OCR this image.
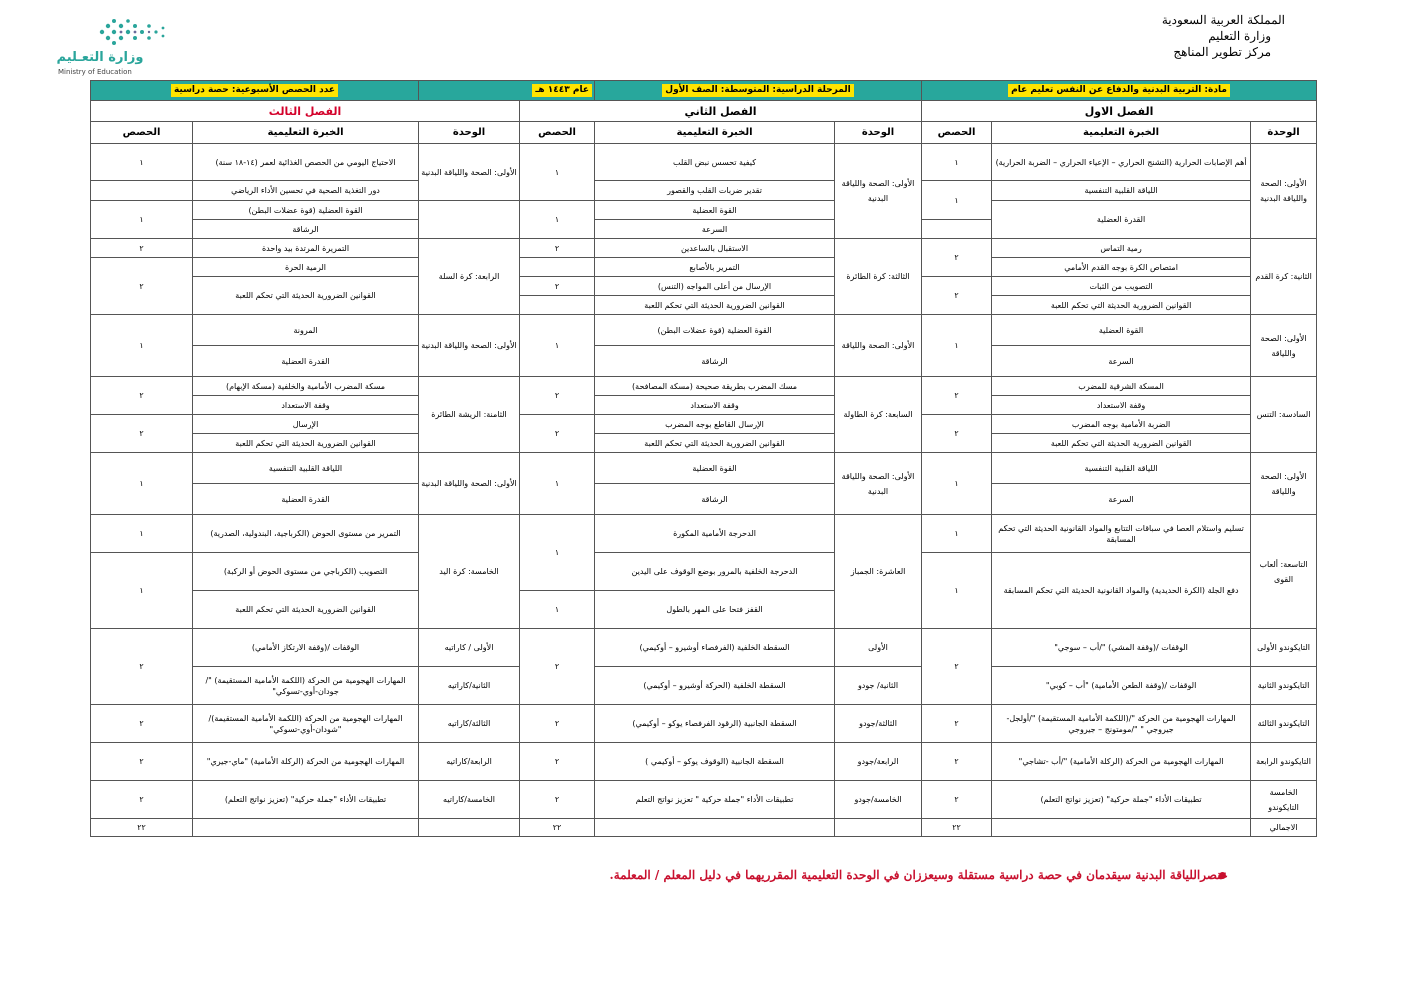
المملكة العربية السعودية
وزارة التعليم
مركز تطوير المناهج
وزارة التعـليم
Ministry of Education
مادة: التربية البدنية والدفاع عن النفس تعليم عام			المرحلة الدراسية: المتوسطة: الصف الأول		عام ١٤٤٣ هـ		عدد الحصص الأسبوعية: حصة دراسية	
الفصل الاول			الفصل الثاني			الفصل الثالث		
الوحدة	الخبرة التعليمية	الحصص	الوحدة	الخبرة التعليمية	الحصص	الوحدة	الخبرة التعليمية	الحصص
الأولى: الصحة واللياقة البدنية	أهم الإصابات الحرارية (التشنج الحراري – الإعياء الحراري – الضربة الحرارية)	١	الأولى: الصحة واللياقة البدنية	كيفية تحسس نبض القلب	١	الأولى: الصحة واللياقة البدنية	الاحتياج اليومي من الحصص الغذائية لعمر (١٤-١٨ سنة)	١
	اللياقة القلبية التنفسية	١		تقدير ضربات القلب والقصور			دور التغذية الصحية في تحسين الأداء الرياضي	
	القدرة العضلية			القوة العضلية	١		القوة العضلية (قوة عضلات البطن)	١
				السرعة			الرشاقة	
الثانية: كرة القدم	رمية التماس	٢	الثالثة: كرة الطائرة	الاستقبال بالساعدين	٢	الرابعة: كرة السلة	التمريرة المرتدة بيد واحدة	٢
	امتصاص الكرة بوجه القدم الأمامي			التمرير بالأصابع			الرمية الحرة	٢
	التصويب من الثبات	٢		الإرسال من أعلى المواجه (التنس)	٢		القوانين الضرورية الحديثة التي تحكم اللعبة	
	القوانين الضرورية الحديثة التي تحكم اللعبة			القوانين الضرورية الحديثة التي تحكم اللعبة				
الأولى: الصحة واللياقة	القوة العضلية	١	الأولى: الصحة واللياقة	القوة العضلية (قوة عضلات البطن)	١	الأولى: الصحة واللياقة البدنية	المرونة	١
	السرعة			الرشاقة			القدرة العضلية	
السادسة: التنس	المسكة الشرقية للمضرب	٢	السابعة: كرة الطاولة	مسك المضرب بطريقة صحيحة (مسكة المصافحة)	٢	الثامنة: الريشة الطائرة	مسكة المضرب الأمامية والخلفية (مسكة الإبهام)	٢
	وقفة الاستعداد			وقفة الاستعداد			وقفة الاستعداد	
	الضربة الأمامية بوجه المضرب	٢		الإرسال القاطع بوجه المضرب	٢		الإرسال	٢
	القوانين الضرورية الحديثة التي تحكم اللعبة			القوانين الضرورية الحديثة التي تحكم اللعبة			القوانين الضرورية الحديثة التي تحكم اللعبة	
الأولى: الصحة واللياقة	اللياقة القلبية التنفسية	١	الأولى: الصحة واللياقة البدنية	القوة العضلية	١	الأولى: الصحة واللياقة البدنية	اللياقة القلبية التنفسية	١
	السرعة			الرشاقة			القدرة العضلية	
التاسعة: ألعاب القوى	تسليم واستلام العصا في سباقات التتابع والمواد القانونية الحديثة التي تحكم المسابقة	١	العاشرة: الجمباز	الدحرجة الأمامية المكورة	١	الخامسة: كرة اليد	التمرير من مستوى الحوض (الكرباجية، البندولية، الصدرية)	١
	دفع الجلة (الكرة الحديدية) والمواد القانونية الحديثة التي تحكم المسابقة	١		الدحرجة الخلفية بالمرور بوضع الوقوف على اليدين			التصويب (الكرباجي من مستوى الحوض أو الركبة)	١
				القفز فتحا على المهر بالطول	١		القوانين الضرورية الحديثة التي تحكم اللعبة	
التايكوندو الأولى	الوقفات /(وقفة المشي) "/أب – سوجي"	٢	الأولى	السقطة الخلفية (الفرفصاء أوشيرو – أوكيمي)	٢	الأولى / كاراتيه	الوقفات /(وقفة الارتكاز الأمامي)	٢
التايكوندو الثانية	الوقفات /(وقفة الطعن الأمامية) "أب – كوبي"		الثانية/ جودو	السقطة الخلفية (الحركة أوشيرو – أوكيمي)		الثانية/كاراتيه	المهارات الهجومية من الحركة (اللكمة الأمامية المستقيمة) "/جودان-أوي-تسوكي"	
التايكوندو الثالثة	المهارات الهجومية من الحركة "/(اللكمة الأمامية المستقيمة) "/أولجل-جيروجي " "/مومتونج – جيروجي	٢	الثالثة/جودو	السقطة الجانبية (الرقود الفرفصاء يوكو – أوكيمي)	٢	الثالثة/كاراتيه	المهارات الهجومية من الحركة (اللكمة الأمامية المستقيمة)/ "شودان-أوي-تسوكي"	٢
التايكوندو الرابعة	المهارات الهجومية من الحركة (الركلة الأمامية) "/أب -تشاجي"	٢	الرابعة/جودو	السقطة الجانبية (الوقوف يوكو – أوكيمي )	٢	الرابعة/كاراتيه	المهارات الهجومية من الحركة (الركلة الأمامية) "ماي-جيري"	٢
الخامسة التايكوندو	تطبيقات الأداء "جملة حركية" (تعزيز نواتج التعلم)	٢	الخامسة/جودو	تطبيقات الأداء "جملة حركية " تعزيز نواتج التعلم	٢	الخامسة/كاراتيه	تطبيقات الأداء "جملة حركية" (تعزيز نواتج التعلم)	٢
الاجمالي		٢٢			٢٢			٢٢
عنصراللياقة البدنية سيقدمان في حصة دراسية مستقلة وسيعززان في الوحدة التعليمية المقرريهما في دليل المعلم / المعلمة.
